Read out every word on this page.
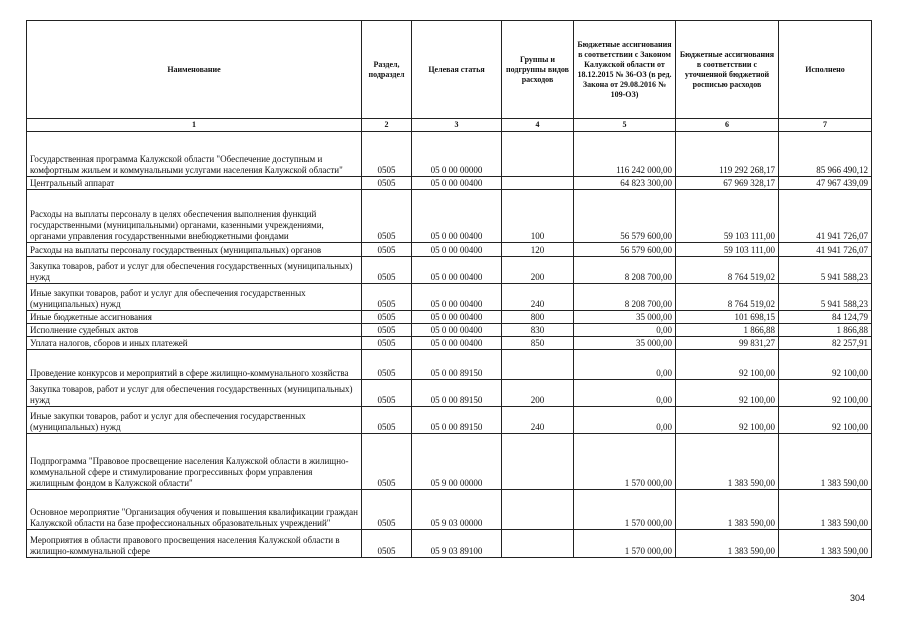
Наименование	Раздел, подраздел	Целевая статья	Группы и подгруппы видов расходов	Бюджетные ассигнования в соответствии с Законом Калужской области от 18.12.2015 № 36-ОЗ (в ред. Закона от 29.08.2016 № 109-ОЗ)	Бюджетные ассигнования в соответствии с уточненной бюджетной росписью расходов	Исполнено
1	2	3	4	5	6	7
Государственная программа Калужской области "Обеспечение доступным и комфортным жильем и коммунальными услугами населения Калужской области"	0505	05 0 00 00000		116 242 000,00	119 292 268,17	85 966 490,12
Центральный аппарат	0505	05 0 00 00400		64 823 300,00	67 969 328,17	47 967 439,09
Расходы на выплаты персоналу в целях обеспечения выполнения функций государственными (муниципальными) органами, казенными учреждениями, органами управления государственными внебюджетными фондами	0505	05 0 00 00400	100	56 579 600,00	59 103 111,00	41 941 726,07
Расходы на выплаты персоналу государственных (муниципальных) органов	0505	05 0 00 00400	120	56 579 600,00	59 103 111,00	41 941 726,07
Закупка товаров, работ и услуг для обеспечения государственных (муниципальных) нужд	0505	05 0 00 00400	200	8 208 700,00	8 764 519,02	5 941 588,23
Иные закупки товаров, работ и услуг для обеспечения государственных (муниципальных) нужд	0505	05 0 00 00400	240	8 208 700,00	8 764 519,02	5 941 588,23
Иные бюджетные ассигнования	0505	05 0 00 00400	800	35 000,00	101 698,15	84 124,79
Исполнение судебных актов	0505	05 0 00 00400	830	0,00	1 866,88	1 866,88
Уплата налогов, сборов и иных платежей	0505	05 0 00 00400	850	35 000,00	99 831,27	82 257,91
Проведение конкурсов и мероприятий в сфере жилищно-коммунального хозяйства	0505	05 0 00 89150		0,00	92 100,00	92 100,00
Закупка товаров, работ и услуг для обеспечения государственных (муниципальных) нужд	0505	05 0 00 89150	200	0,00	92 100,00	92 100,00
Иные закупки товаров, работ и услуг для обеспечения государственных (муниципальных) нужд	0505	05 0 00 89150	240	0,00	92 100,00	92 100,00
Подпрограмма "Правовое просвещение населения Калужской области в жилищно-коммунальной сфере и стимулирование прогрессивных форм управления жилищным фондом в Калужской области"	0505	05 9 00 00000		1 570 000,00	1 383 590,00	1 383 590,00
Основное мероприятие "Организация обучения и повышения квалификации граждан Калужской области на базе профессиональных образовательных учреждений"	0505	05 9 03 00000		1 570 000,00	1 383 590,00	1 383 590,00
Мероприятия в области правового просвещения населения Калужской области в жилищно-коммунальной сфере	0505	05 9 03 89100		1 570 000,00	1 383 590,00	1 383 590,00
304
